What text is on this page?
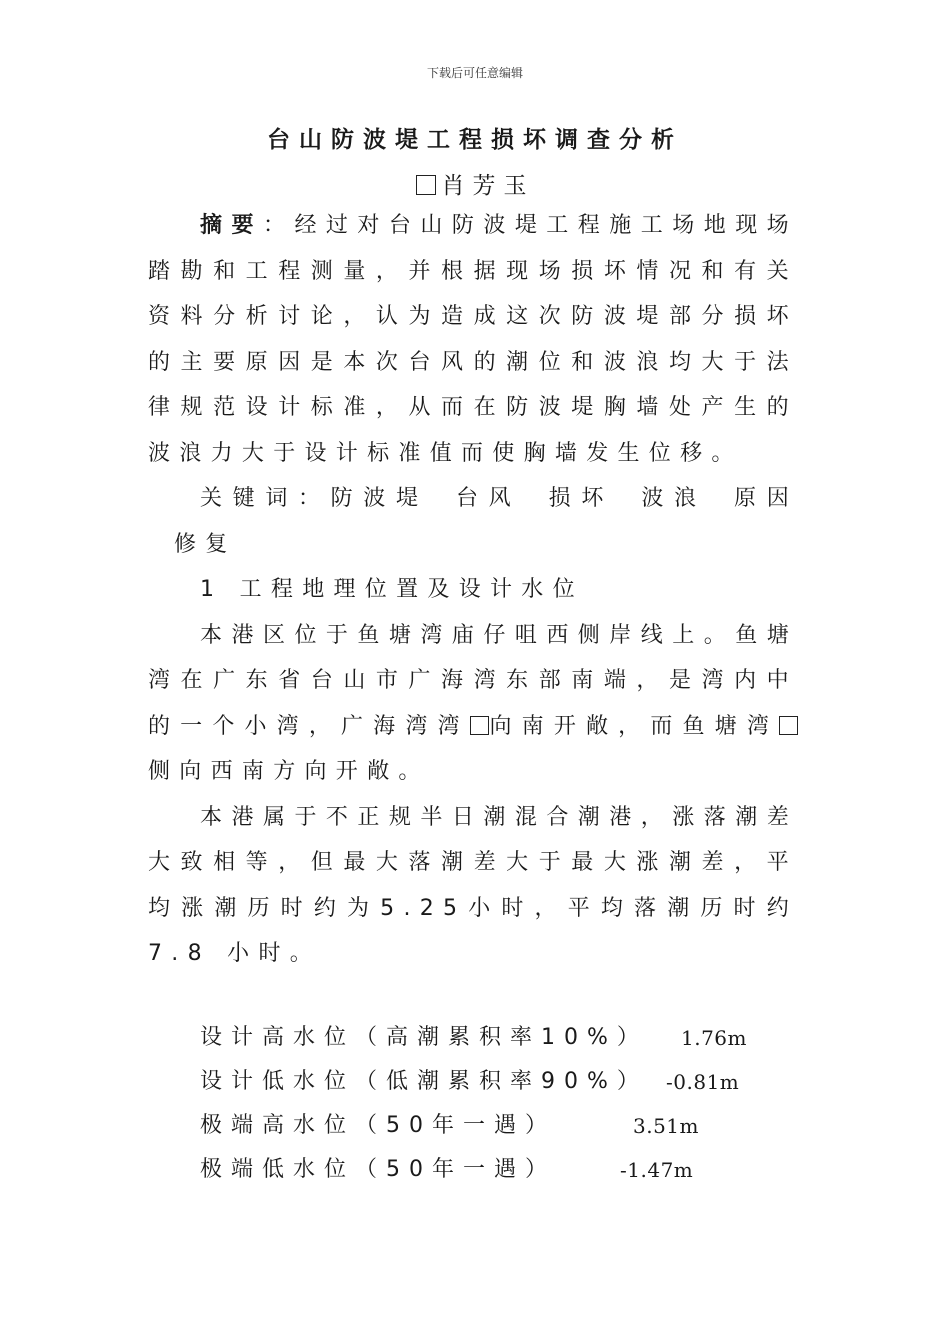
下载后可任意编辑
台山防波堤工程损坏调查分析
肖芳玉

摘要：经过对台山防波堤工程施工场地现场踏勘和工程测量，并根据现场损坏情况和有关资料分析讨论，认为造成这次防波堤部分损坏的主要原因是本次台风的潮位和波浪均大于法律规范设计标准，从而在防波堤胸墙处产生的波浪力大于设计标准值而使胸墙发生位移。

关键词：防波堤 台风 损坏 波浪 原因修复

1 工程地理位置及设计水位

本港区位于鱼塘湾庙仔咀西侧岸线上。鱼塘湾在广东省台山市广海湾东部南端，是湾内中的一个小湾，广海湾湾 向南开敞，而鱼塘湾侧向西南方向开敞。

本港属于不正规半日潮混合潮港，涨落潮差大致相等，但最大落潮差大于最大涨潮差，平均涨潮历时约为5.25小时，平均落潮历时约7.8 小时。

设计高水位（高潮累积率10%） 1.76m
设计低水位（低潮累积率90%） -0.81m
极端高水位（50年一遇）	3.51m
极端低水位（50年一遇）	-1.47m
